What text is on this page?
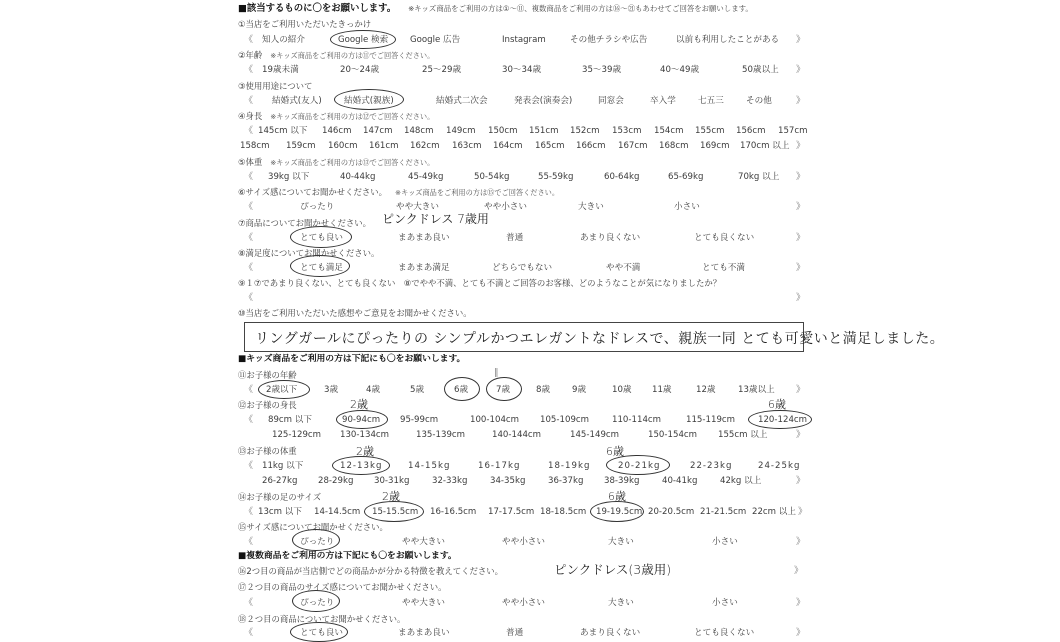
■該当するものに〇をお願いします。 ※キッズ商品をご利用の方は①〜⑪、複数商品をご利用の方は⑯〜㉑もあわせてご回答をお願いします。
①当店をご利用いただいたきっかけ
《 知人の紹介	Google 検索	Google 広告	Instagram	その他チラシや広告	以前も利用したことがある 》
②年齢 ※キッズ商品をご利用の方は⑪でご回答ください。
《 19歳未満	20〜24歳	25〜29歳	30〜34歳	35〜39歳	40〜49歳	50歳以上 》
③使用用途について
《 結婚式(友人)	結婚式(親族)	結婚式二次会	発表会(演奏会)	同窓会	卒入学	七五三	その他	》
④身長 ※キッズ商品をご利用の方は⑫でご回答ください。
《 145cm 以下 146cm 147cm 148cm 149cm 150cm 151cm 152cm 153cm 154cm 155cm 156cm 157cm
158cm 159cm 160cm 161cm 162cm 163cm 164cm 165cm 166cm 167cm 168cm 169cm 170cm 以上 》
⑤体重 ※キッズ商品をご利用の方は⑬でご回答ください。
《 39kg 以下	40-44kg	45-49kg	50-54kg	55-59kg	60-64kg	65-69kg	70kg 以上 》
⑥サイズ感についてお聞かせください。 ※キッズ商品をご利用の方は⑮でご回答ください。
《	ぴったり	やや大きい	やや小さい	大きい	小さい	》
⑦商品についてお聞かせください。 ピンクドレス 7歳用
《	とても良い	まあまあ良い	普通	あまり良くない	とても良くない	》
⑧満足度についてお聞かせください。
《	とても満足	まあまあ満足	どちらでもない	やや不満	とても不満	》
⑨１⑦であまり良くない、とても良くない　⑧でやや不満、とても不満とご回答のお客様、どのようなことが気になりましたか？
《	》
⑩当店をご利用いただいた感想やご意見をお聞かせください。
リングガールにぴったりの シンプルかつエレガントなドレスで、親族一同 とても可愛いと満足しました。
■キッズ商品をご利用の方は下記にも〇をお願いします。
⑪お子様の年齢	‖
《 2歳以下	3歳	4歳	5歳	6歳	7歳	8歳	9歳	10歳 11歳	12歳	13歳以上 》
⑫お子様の身長	2歳	6歳
《 89cm 以下	90-94cm 95-99cm	100-104cm 105-109cm	110-114cm	115-119cm	120-124cm
125-129cm 130-134cm	135-139cm	140-144cm	145-149cm	150-154cm 155cm 以上	》
⑬お子様の体重	2歳	6歳
《 11kg 以下	12-13kg	14-15kg	16-17kg	18-19kg	20-21kg	22-23kg	24-25kg
26-27kg 28-29kg 30-31kg	32-33kg	34-35kg	36-37kg 38-39kg	40-41kg	42kg 以上	》
⑭お子様の足のサイズ	2歳	6歳
《 13cm 以下 14-14.5cm 15-15.5cm 16-16.5cm 17-17.5cm 18-18.5cm 19-19.5cm 20-20.5cm 21-21.5cm 22cm 以上 》
⑮サイズ感についてお聞かせください。
《	ぴったり	やや大きい	やや小さい	大きい	小さい	》
■複数商品をご利用の方は下記にも〇をお願いします。
⑯2つ目の商品が当店側でどの商品かが分かる特徴を教えてください。	》
ピンクドレス(3歳用)
⑰２つ目の商品のサイズ感についてお聞かせください。
《	ぴったり	やや大きい	やや小さい	大きい	小さい	》
⑱２つ目の商品についてお聞かせください。
《	とても良い	まあまあ良い	普通	あまり良くない	とても良くない	》
